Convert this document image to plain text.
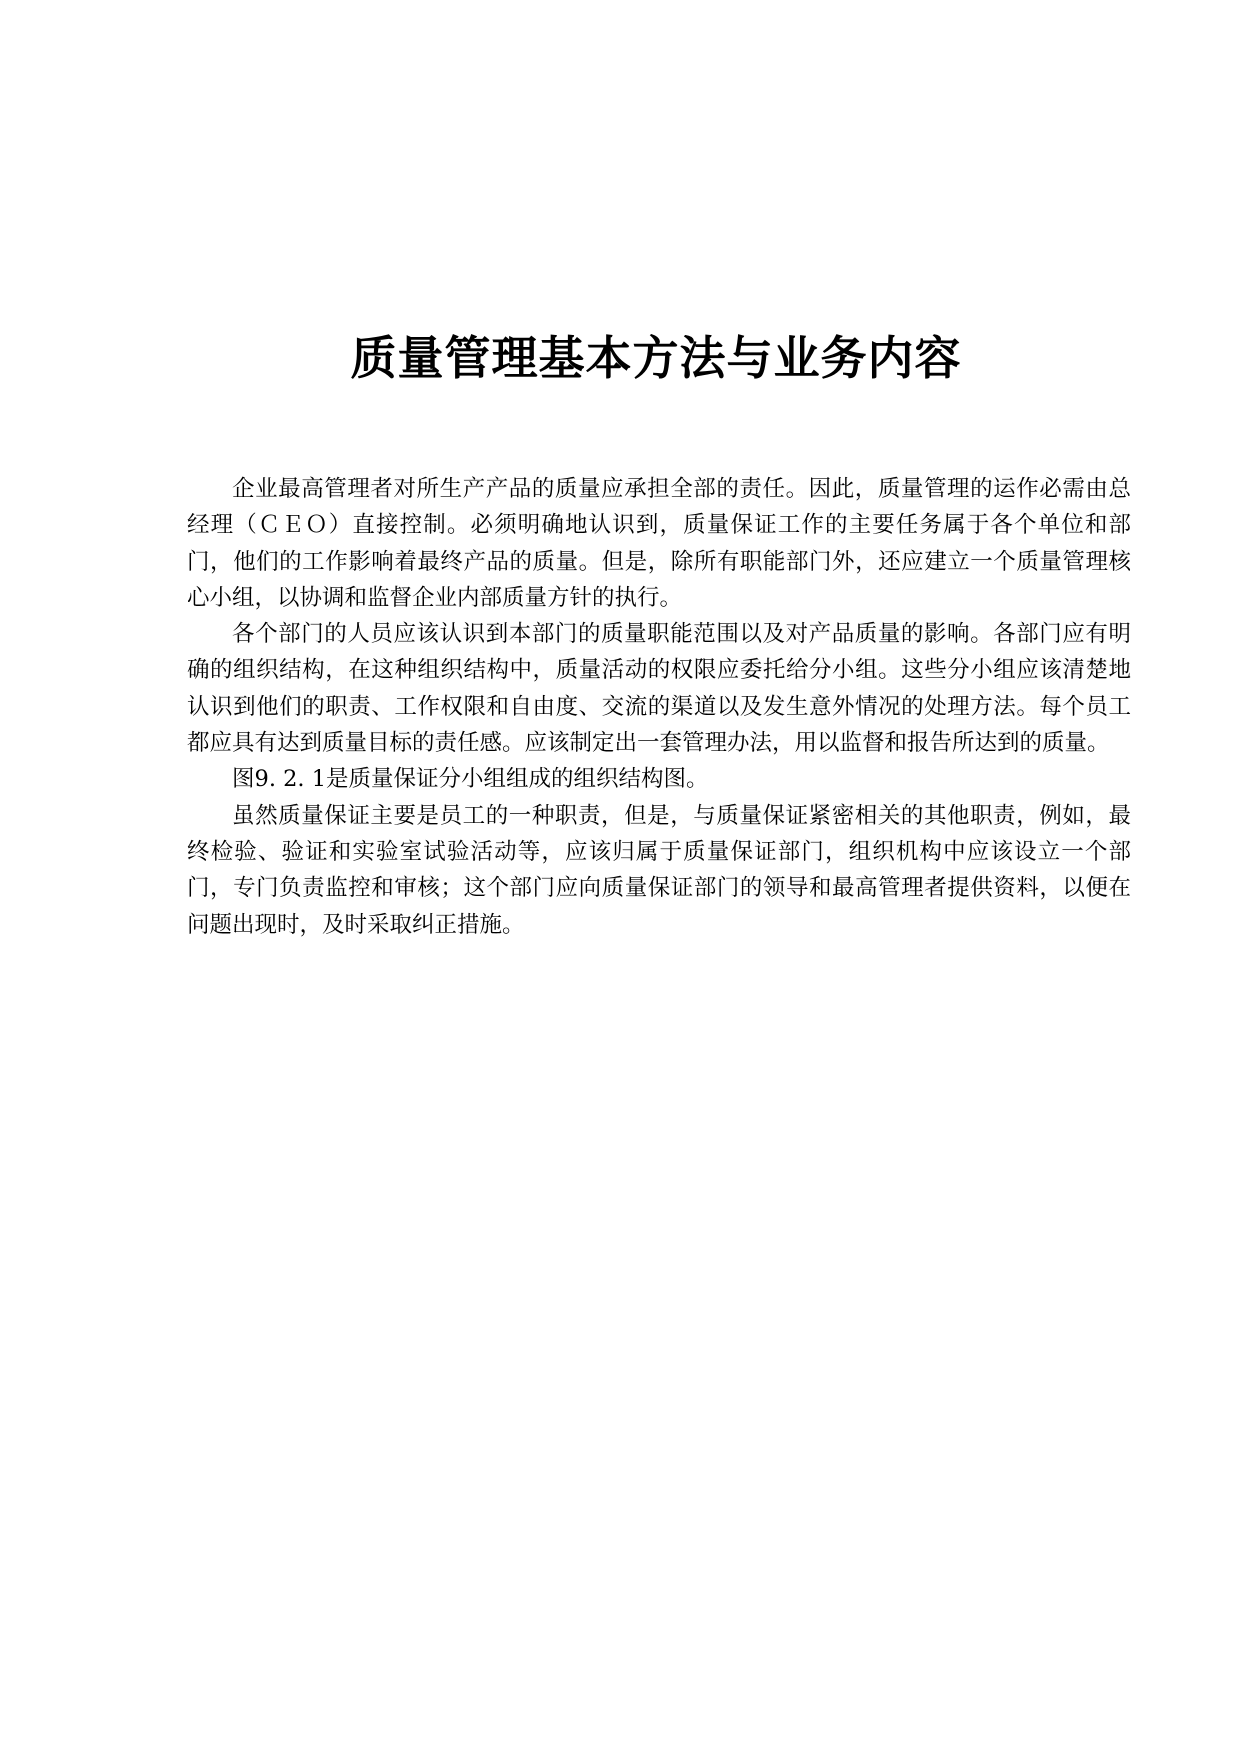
质量管理基本方法与业务内容

企业最高管理者对所生产产品的质量应承担全部的责任。因此，质量管理的运作必需由总经理（ＣＥＯ）直接控制。必须明确地认识到，质量保证工作的主要任务属于各个单位和部门，他们的工作影响着最终产品的质量。但是，除所有职能部门外，还应建立一个质量管理核心小组，以协调和监督企业内部质量方针的执行。

各个部门的人员应该认识到本部门的质量职能范围以及对产品质量的影响。各部门应有明确的组织结构，在这种组织结构中，质量活动的权限应委托给分小组。这些分小组应该清楚地认识到他们的职责、工作权限和自由度、交流的渠道以及发生意外情况的处理方法。每个员工都应具有达到质量目标的责任感。应该制定出一套管理办法，用以监督和报告所达到的质量。

图9. 2. 1是质量保证分小组组成的组织结构图。

虽然质量保证主要是员工的一种职责，但是，与质量保证紧密相关的其他职责，例如，最终检验、验证和实验室试验活动等，应该归属于质量保证部门，组织机构中应该设立一个部门，专门负责监控和审核；这个部门应向质量保证部门的领导和最高管理者提供资料，以便在问题出现时，及时采取纠正措施。
